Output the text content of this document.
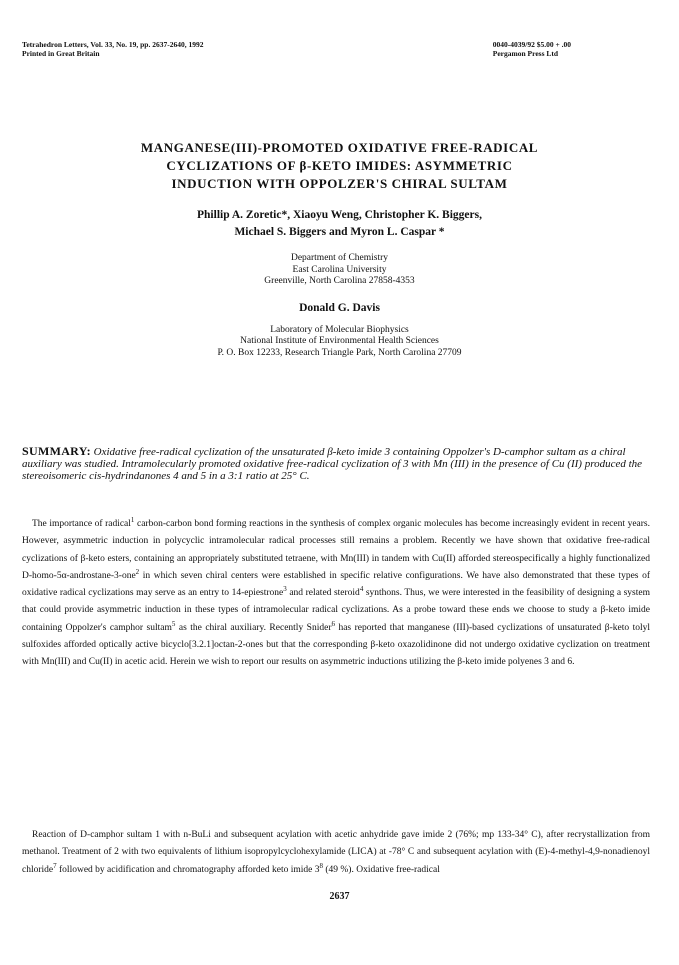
Tetrahedron Letters, Vol. 33, No. 19, pp. 2637-2640, 1992
Printed in Great Britain
0040-4039/92 $5.00 + .00
Pergamon Press Ltd
MANGANESE(III)-PROMOTED OXIDATIVE FREE-RADICAL
CYCLIZATIONS OF β-KETO IMIDES: ASYMMETRIC
INDUCTION WITH OPPOLZER'S CHIRAL SULTAM
Phillip A. Zoretic*, Xiaoyu Weng, Christopher K. Biggers,
Michael S. Biggers and Myron L. Caspar *
Department of Chemistry
East Carolina University
Greenville, North Carolina 27858-4353
Donald G. Davis
Laboratory of Molecular Biophysics
National Institute of Environmental Health Sciences
P. O. Box 12233, Research Triangle Park, North Carolina 27709
SUMMARY: Oxidative free-radical cyclization of the unsaturated β-keto imide 3 containing Oppolzer's D-camphor sultam as a chiral auxiliary was studied. Intramolecularly promoted oxidative free-radical cyclization of 3 with Mn (III) in the presence of Cu (II) produced the stereoisomeric cis-hydrindanones 4 and 5 in a 3:1 ratio at 25° C.
The importance of radical$^1$ carbon-carbon bond forming reactions in the synthesis of complex organic molecules has become increasingly evident in recent years. However, asymmetric induction in polycyclic intramolecular radical processes still remains a problem. Recently we have shown that oxidative free-radical cyclizations of β-keto esters, containing an appropriately substituted tetraene, with Mn(III) in tandem with Cu(II) afforded stereospecifically a highly functionalized D-homo-5α-androstane-3-one$^2$ in which seven chiral centers were established in specific relative configurations. We have also demonstrated that these types of oxidative radical cyclizations may serve as an entry to 14-epiestrone$^3$ and related steroid$^4$ synthons. Thus, we were interested in the feasibility of designing a system that could provide asymmetric induction in these types of intramolecular radical cyclizations. As a probe toward these ends we choose to study a β-keto imide containing Oppolzer's camphor sultam$^5$ as the chiral auxiliary. Recently Snider$^6$ has reported that manganese (III)-based cyclizations of unsaturated β-keto tolyl sulfoxides afforded optically active bicyclo[3.2.1]octan-2-ones but that the corresponding β-keto oxazolidinone did not undergo oxidative cyclization on treatment with Mn(III) and Cu(II) in acetic acid. Herein we wish to report our results on asymmetric inductions utilizing the β-keto imide polyenes 3 and 6.
Reaction of D-camphor sultam 1 with n-BuLi and subsequent acylation with acetic anhydride gave imide 2 (76%; mp 133-34° C), after recrystallization from methanol. Treatment of 2 with two equivalents of lithium isopropylcyclohexylamide (LICA) at -78° C and subsequent acylation with (E)-4-methyl-4,9-nonadienoyl chloride$^7$ followed by acidification and chromatography afforded keto imide $3^8$ (49 %). Oxidative free-radical
2637
